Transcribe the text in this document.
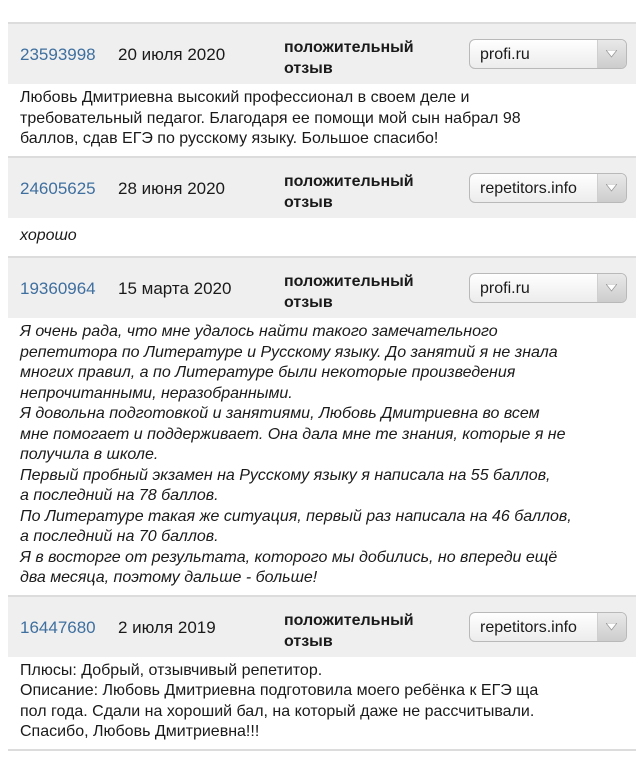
23593998 20 июля 2020	положительный
отзыв
profi.ru
Любовь Дмитриевна высокий профессионал в своем деле и
требовательный педагог. Благодаря ее помощи мой сын набрал 98
баллов, сдав ЕГЭ по русскому языку. Большое спасибо!
24605625 28 июня 2020	положительный
отзыв
repetitors.info
хорошо
19360964 15 марта 2020	положительный
отзыв
profi.ru
Я очень рада, что мне удалось найти такого замечательного
репетитора по Литературе и Русскому языку. До занятий я не знала
многих правил, а по Литературе были некоторые произведения
непрочитанными, неразобранными.
Я довольна подготовкой и занятиями, Любовь Дмитриевна во всем
мне помогает и поддерживает. Она дала мне те знания, которые я не
получила в школе.
Первый пробный экзамен на Русскому языку я написала на 55 баллов,
а последний на 78 баллов.
По Литературе такая же ситуация, первый раз написала на 46 баллов,
а последний на 70 баллов.
Я в восторге от результата, которого мы добились, но впереди ещё
два месяца, поэтому дальше - больше!
16447680 2 июля 2019	положительный
отзыв
repetitors.info
Плюсы: Добрый, отзывчивый репетитор.
Описание: Любовь Дмитриевна подготовила моего ребёнка к ЕГЭ ща
пол года. Сдали на хороший бал, на который даже не рассчитывали.
Спасибо, Любовь Дмитриевна!!!
